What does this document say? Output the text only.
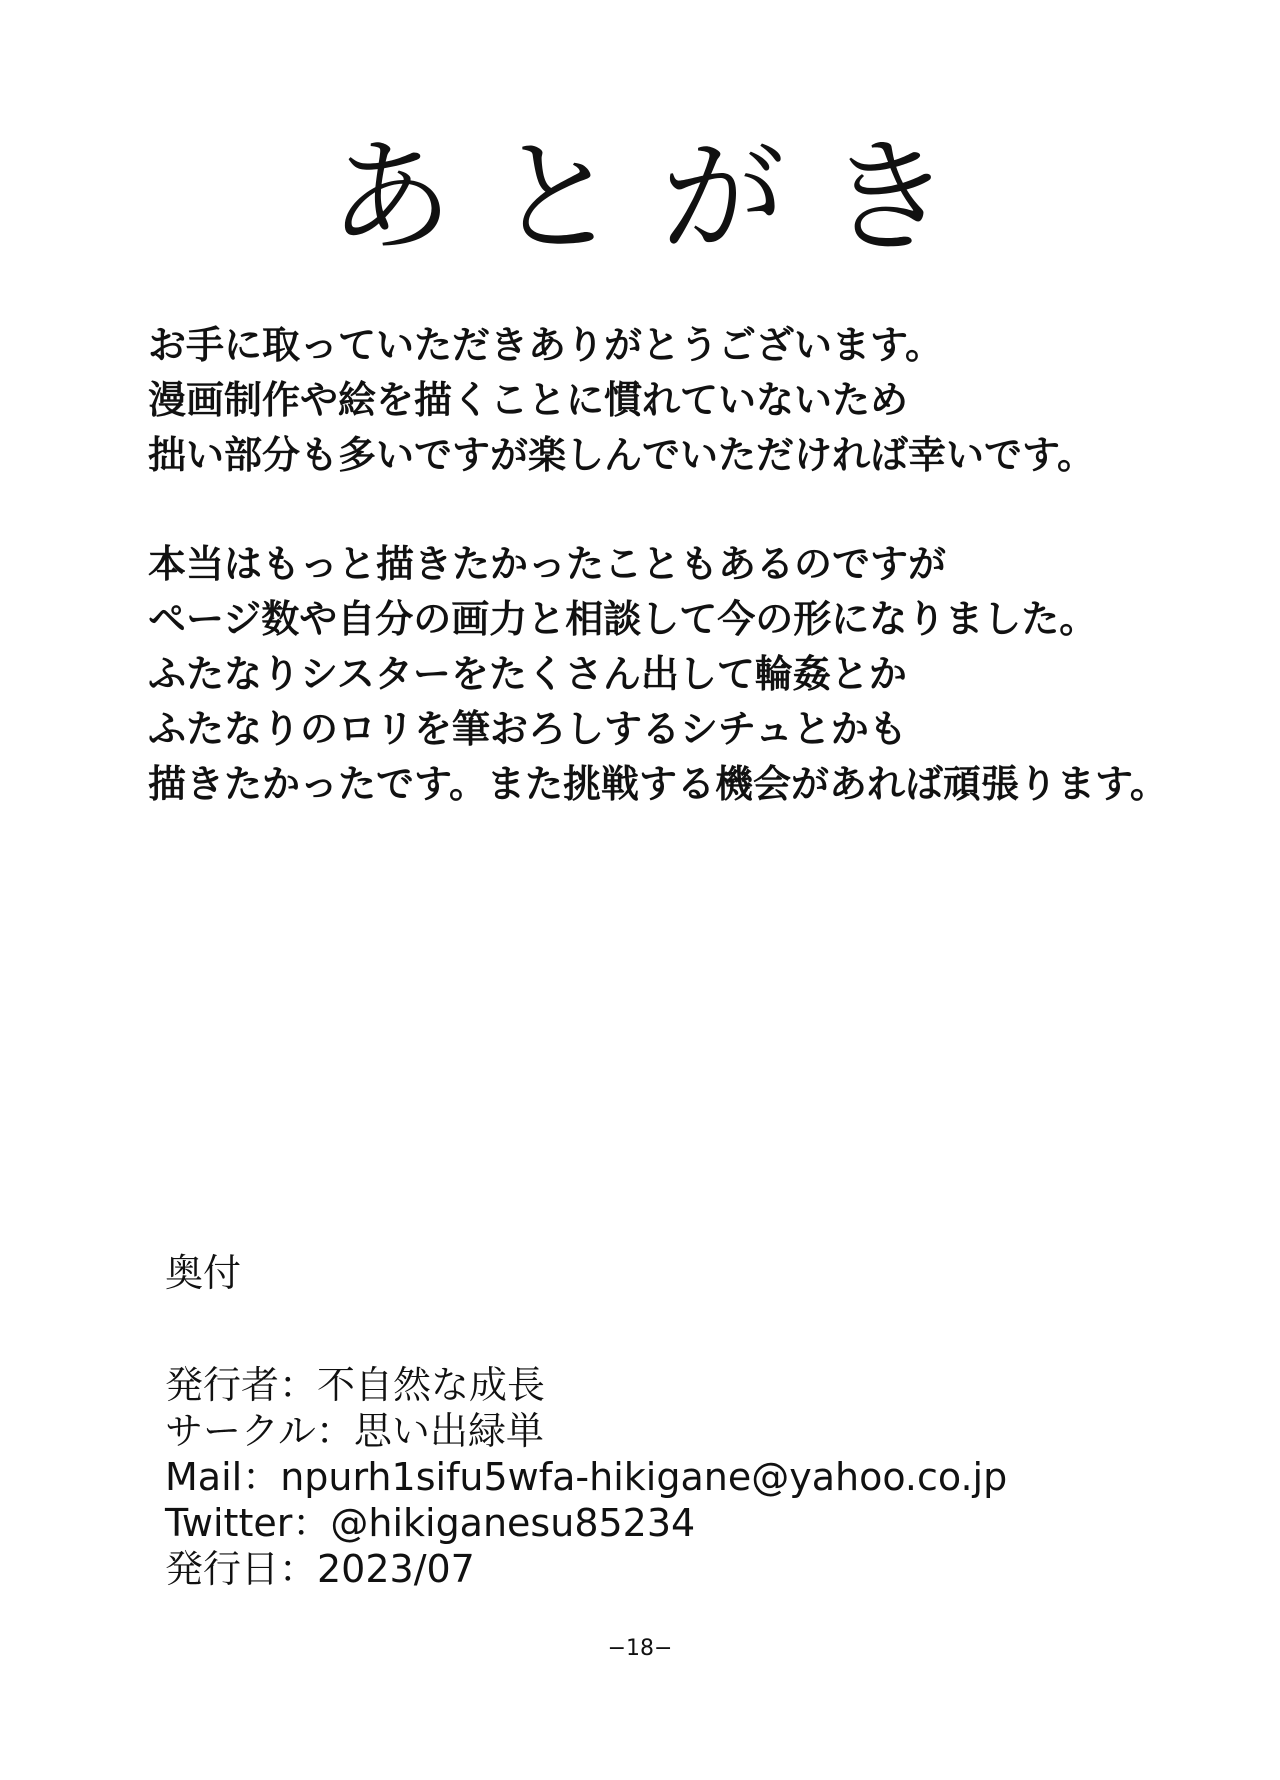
あとがき
お手に取っていただきありがとうございます。
漫画制作や絵を描くことに慣れていないため
拙い部分も多いですが楽しんでいただければ幸いです。
本当はもっと描きたかったこともあるのですが
ページ数や自分の画力と相談して今の形になりました。
ふたなりシスターをたくさん出して輪姦とか
ふたなりのロリを筆おろしするシチュとかも
描きたかったです。また挑戦する機会があれば頑張ります。
奥付
発行者：不自然な成長
サークル：思い出緑単
Mail：npurh1sifu5wfa-hikigane@yahoo.co.jp
Twitter：@hikiganesu85234
発行日：2023/07
−18−
